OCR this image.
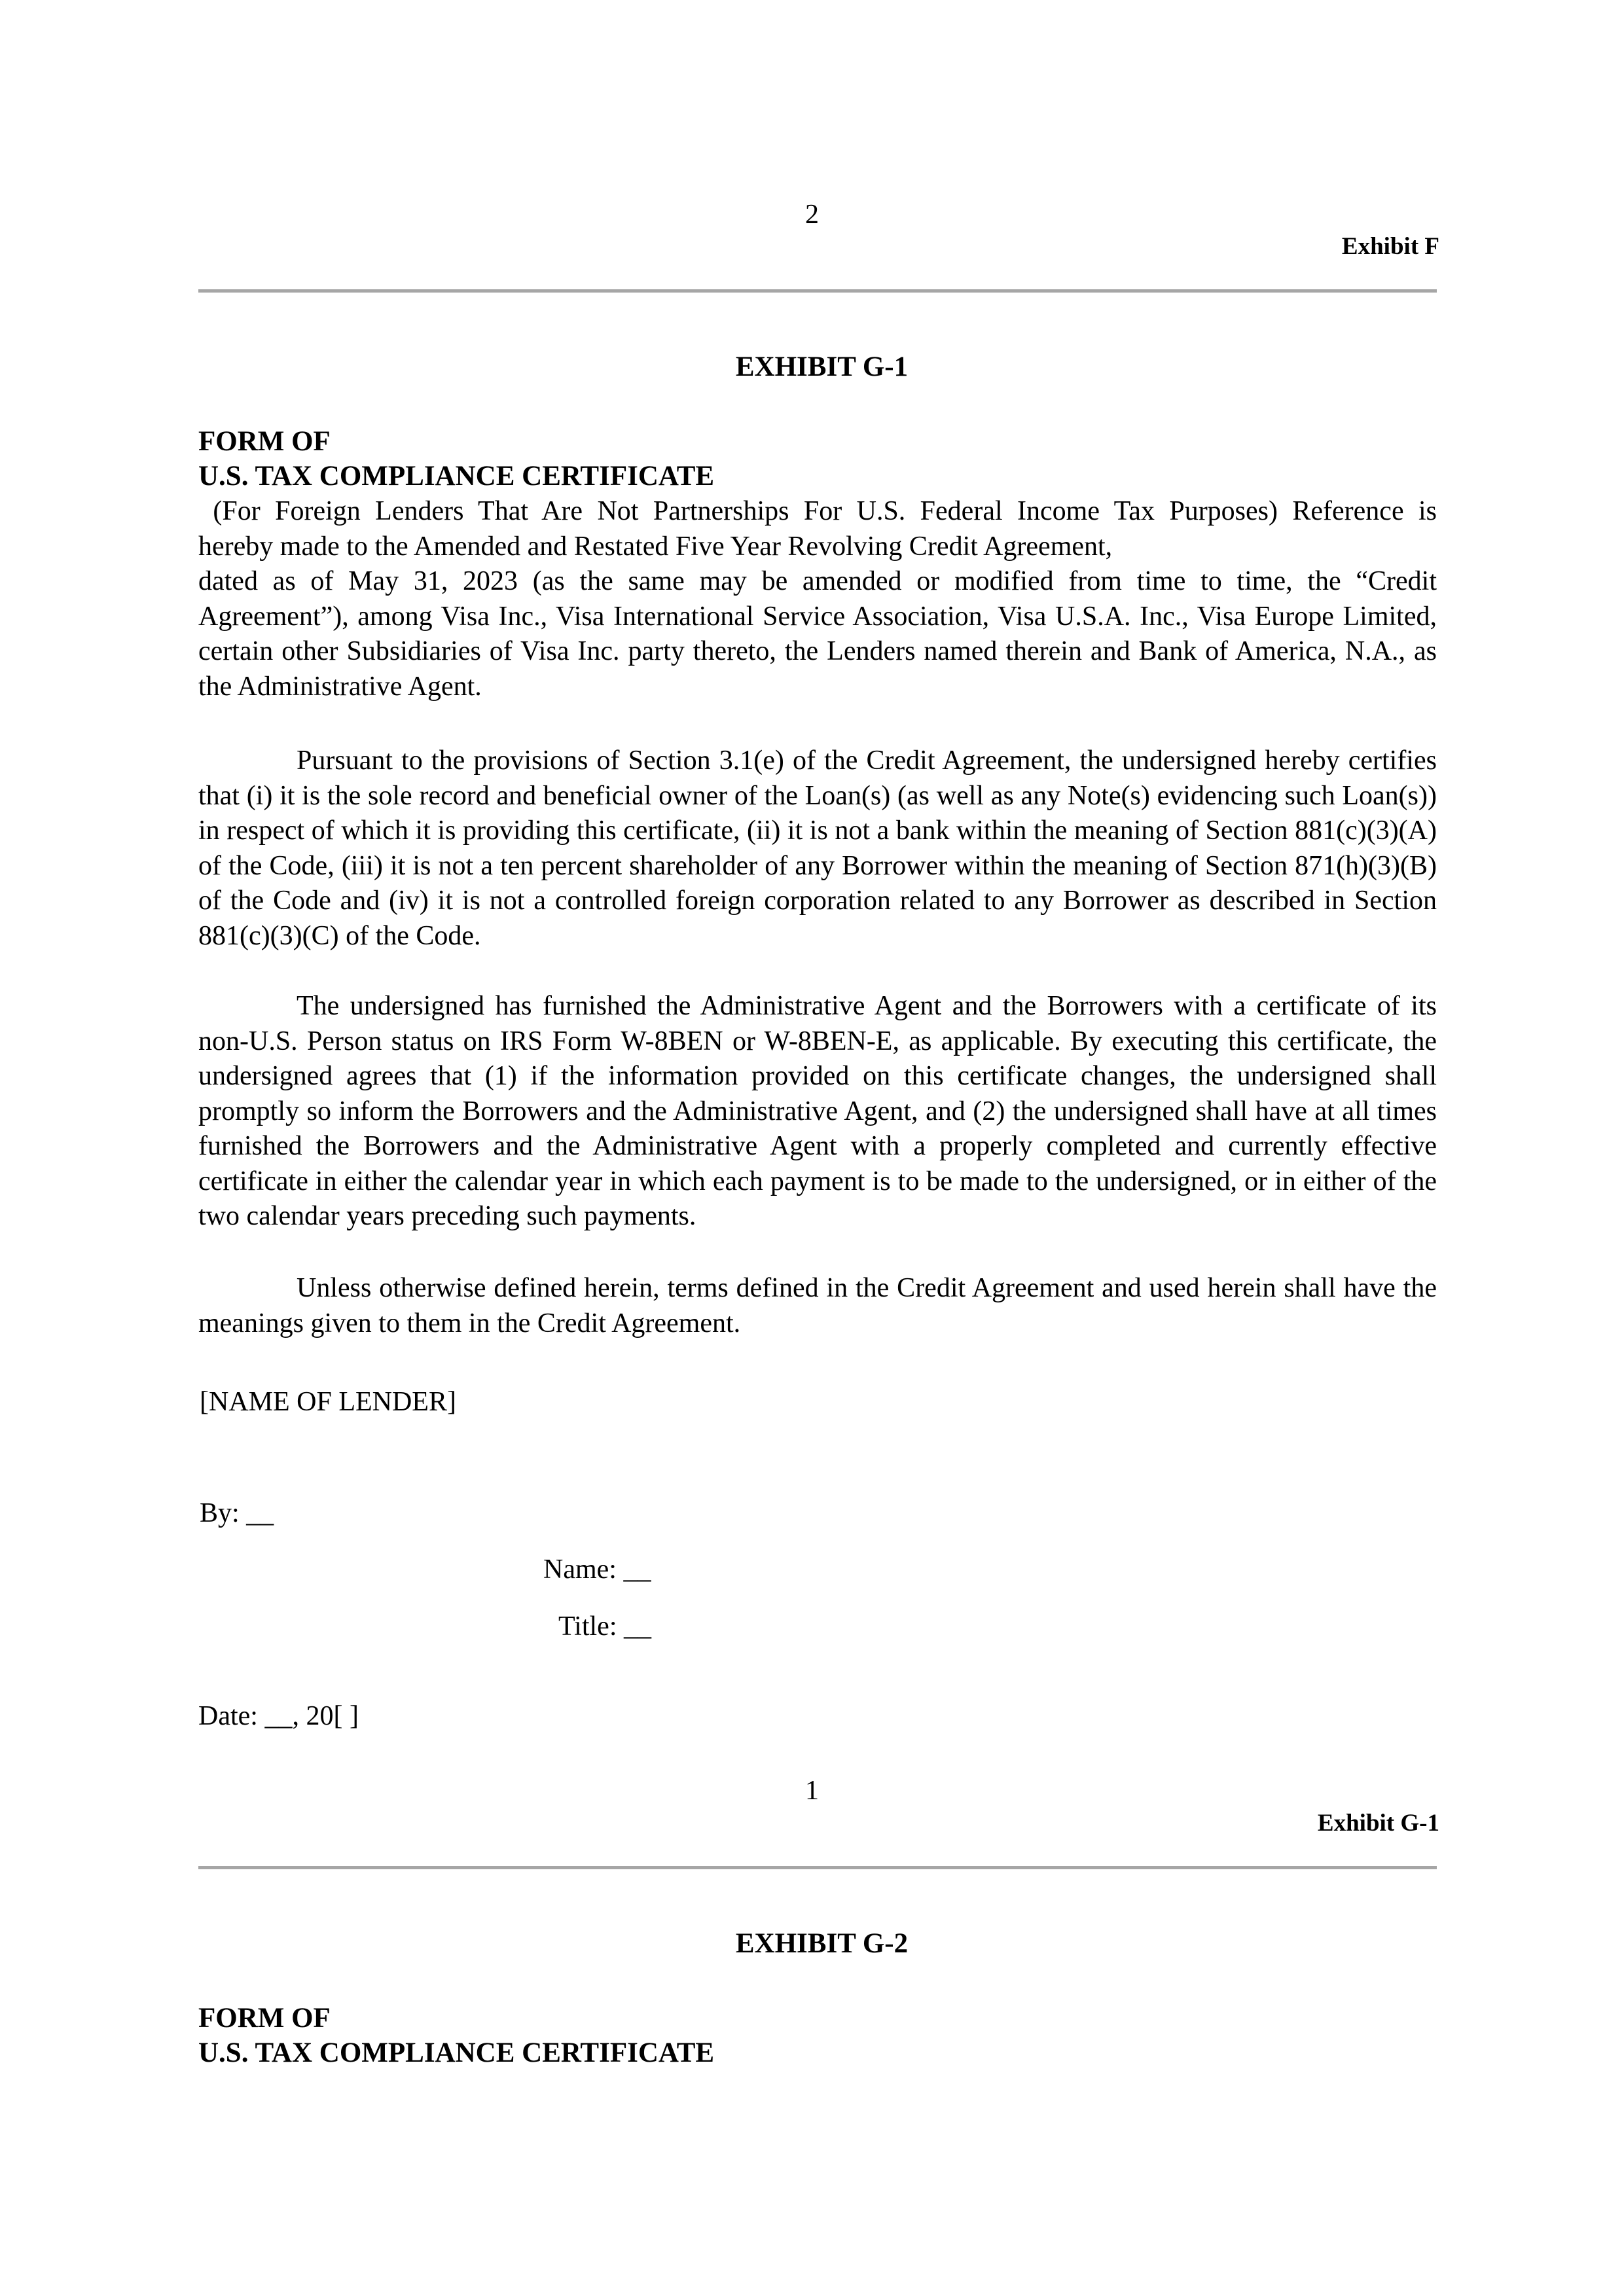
2
Exhibit F
EXHIBIT G-1
FORM OF
U.S. TAX COMPLIANCE CERTIFICATE
(For Foreign Lenders That Are Not Partnerships For U.S. Federal Income Tax Purposes) Reference is
hereby made to the Amended and Restated Five Year Revolving Credit Agreement,
dated as of May 31, 2023 (as the same may be amended or modified from time to time, the “Credit Agreement”), among Visa Inc., Visa International Service Association, Visa U.S.A. Inc., Visa Europe Limited, certain other Subsidiaries of Visa Inc. party thereto, the Lenders named therein and Bank of America, N.A., as the Administrative Agent.
Pursuant to the provisions of Section 3.1(e) of the Credit Agreement, the undersigned hereby certifies that (i) it is the sole record and beneficial owner of the Loan(s) (as well as any Note(s) evidencing such Loan(s)) in respect of which it is providing this certificate, (ii) it is not a bank within the meaning of Section 881(c)(3)(A) of the Code, (iii) it is not a ten percent shareholder of any Borrower within the meaning of Section 871(h)(3)(B) of the Code and (iv) it is not a controlled foreign corporation related to any Borrower as described in Section 881(c)(3)(C) of the Code.
The undersigned has furnished the Administrative Agent and the Borrowers with a certificate of its non-U.S. Person status on IRS Form W-8BEN or W-8BEN-E, as applicable. By executing this certificate, the undersigned agrees that (1) if the information provided on this certificate changes, the undersigned shall promptly so inform the Borrowers and the Administrative Agent, and (2) the undersigned shall have at all times furnished the Borrowers and the Administrative Agent with a properly completed and currently effective certificate in either the calendar year in which each payment is to be made to the undersigned, or in either of the two calendar years preceding such payments.
Unless otherwise defined herein, terms defined in the Credit Agreement and used herein shall have the meanings given to them in the Credit Agreement.
[NAME OF LENDER]
By: __
Name: __
Title: __
Date: __, 20[ ]
1
Exhibit G-1
EXHIBIT G-2
FORM OF
U.S. TAX COMPLIANCE CERTIFICATE
